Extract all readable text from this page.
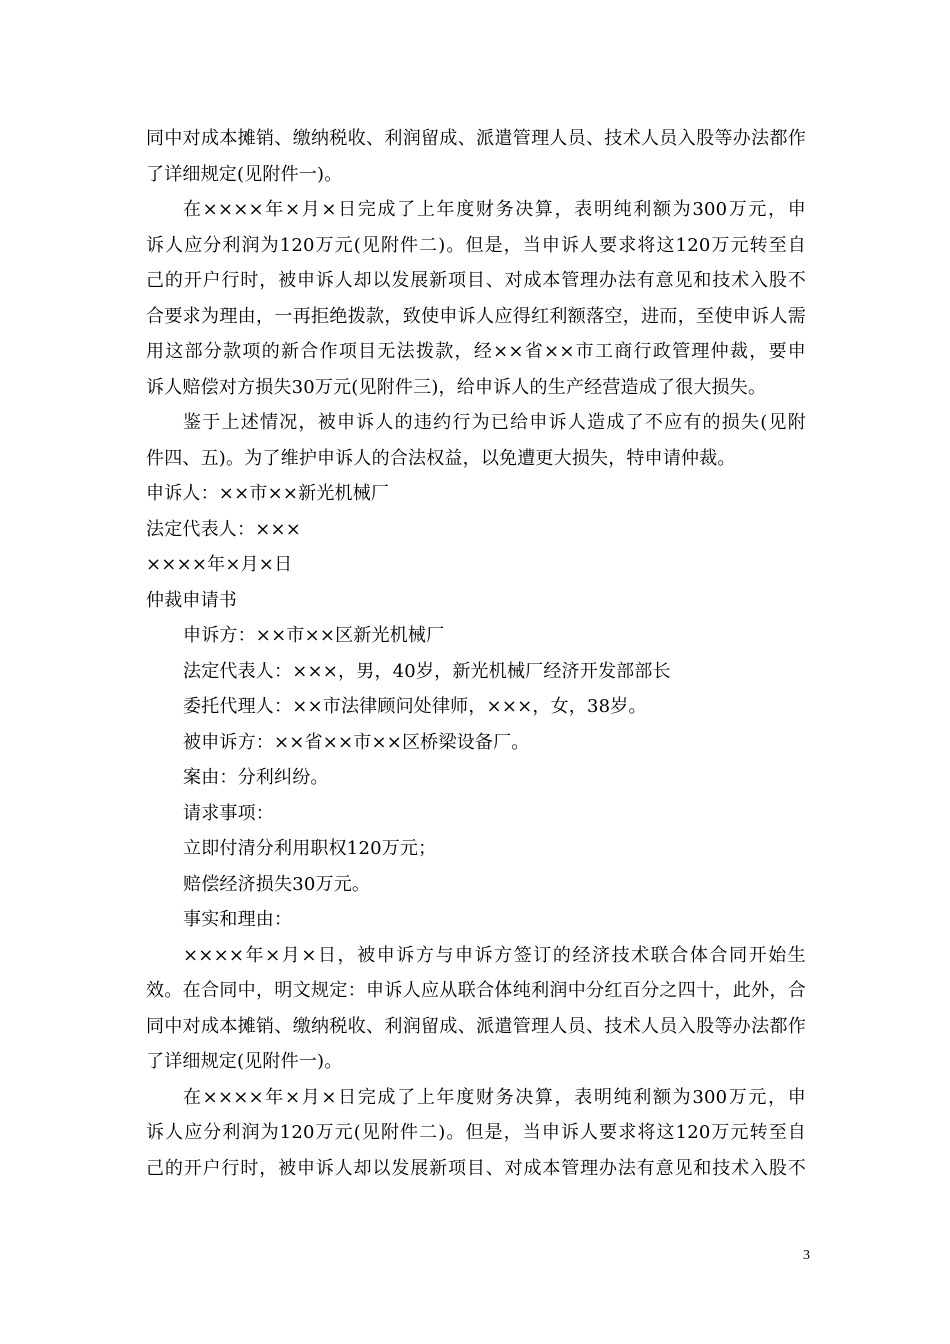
同中对成本摊销、缴纳税收、利润留成、派遣管理人员、技术人员入股等办法都作
了详细规定(见附件一)。
在××××年×月×日完成了上年度财务决算，表明纯利额为300万元，申
诉人应分利润为120万元(见附件二)。但是，当申诉人要求将这120万元转至自
己的开户行时，被申诉人却以发展新项目、对成本管理办法有意见和技术入股不
合要求为理由，一再拒绝拨款，致使申诉人应得红利额落空，进而，至使申诉人需
用这部分款项的新合作项目无法拨款，经××省××市工商行政管理仲裁，要申
诉人赔偿对方损失30万元(见附件三)，给申诉人的生产经营造成了很大损失。
鉴于上述情况，被申诉人的违约行为已给申诉人造成了不应有的损失(见附
件四、五)。为了维护申诉人的合法权益，以免遭更大损失，特申请仲裁。
申诉人：××市××新光机械厂
法定代表人：×××
××××年×月×日
仲裁申请书
申诉方：××市××区新光机械厂
法定代表人：×××，男，40岁，新光机械厂经济开发部部长
委托代理人：××市法律顾问处律师，×××，女，38岁。
被申诉方：××省××市××区桥梁设备厂。
案由：分利纠纷。
请求事项：
立即付清分利用职权120万元；
赔偿经济损失30万元。
事实和理由：
××××年×月×日，被申诉方与申诉方签订的经济技术联合体合同开始生
效。在合同中，明文规定：申诉人应从联合体纯利润中分红百分之四十，此外，合
同中对成本摊销、缴纳税收、利润留成、派遣管理人员、技术人员入股等办法都作
了详细规定(见附件一)。
在××××年×月×日完成了上年度财务决算，表明纯利额为300万元，申
诉人应分利润为120万元(见附件二)。但是，当申诉人要求将这120万元转至自
己的开户行时，被申诉人却以发展新项目、对成本管理办法有意见和技术入股不
3
